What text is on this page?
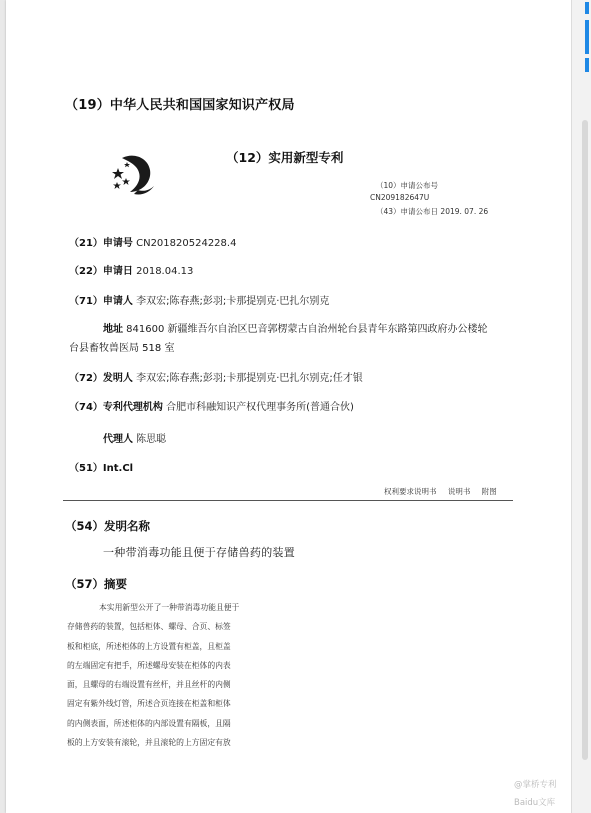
（19）中华人民共和国国家知识产权局
（12）实用新型专利
（10）申请公布号
CN209182647U
（43）申请公布日 2019. 07. 26
（21）申请号 CN201820524228.4
（22）申请日 2018.04.13
（71）申请人 李双宏;陈春燕;彭羽;卡那提别克·巴扎尔别克
地址 841600 新疆维吾尔自治区巴音郭楞蒙古自治州轮台县青年东路第四政府办公楼轮
台县畜牧兽医局 518 室
（72）发明人 李双宏;陈春燕;彭羽;卡那提别克·巴扎尔别克;任才银
（74）专利代理机构 合肥市科融知识产权代理事务所(普通合伙)
代理人 陈思聪
（51）Int.Cl
权利要求说明书 说明书 附图
（54）发明名称
一种带消毒功能且便于存储兽药的装置
（57）摘要
本实用新型公开了一种带消毒功能且便于
存储兽药的装置，包括柜体、螺母、合页、标签
板和柜底，所述柜体的上方设置有柜盖，且柜盖
的左端固定有把手，所述螺母安装在柜体的内表
面，且螺母的右端设置有丝杆，并且丝杆的内侧
固定有紫外线灯管，所述合页连接在柜盖和柜体
的内侧表面，所述柜体的内部设置有隔板，且隔
板的上方安装有滚轮，并且滚轮的上方固定有放
@掌桥专利
Baidu文库
